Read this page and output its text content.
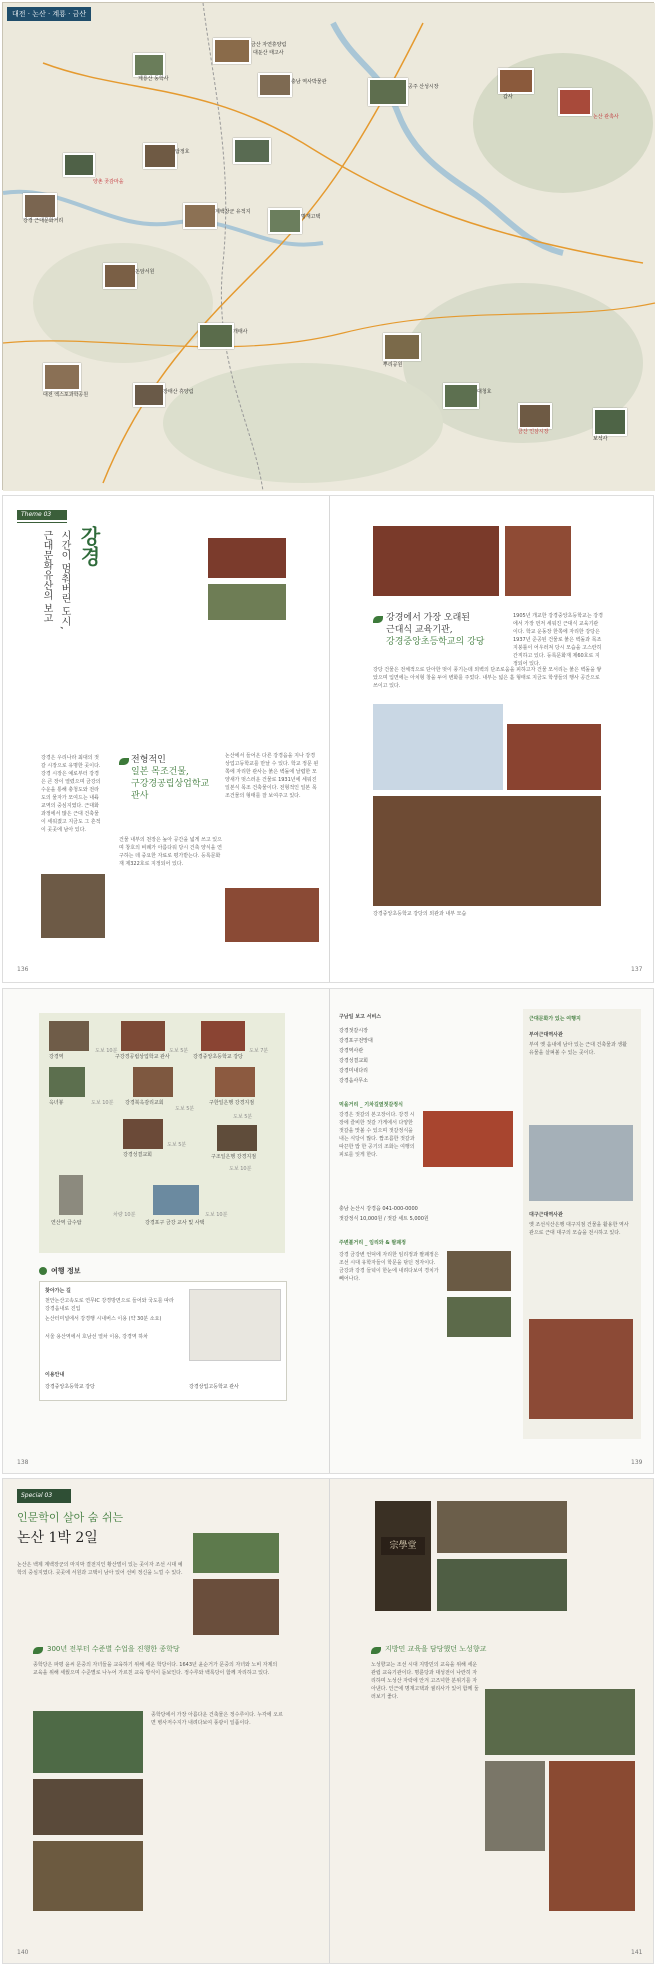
대전 · 논산 · 계룡 · 금산
금산 자연휴양림
대둔산 태고사
계룡산 동학사	충남 역사박물관
공주 산성시장
갑사
논산 관촉사
탑정호
강경 근대문화거리
양촌 곶감마을
계백장군 유적지
명재고택
돈암서원
개태사
대전 엑스포과학공원	장태산 휴양림
뿌리공원
대청호
금산 인삼시장
보석사
Theme 03
강경
시간이 멈춰버린 도시,
근대문화유산의 보고
강경은 우리나라 최대의 젓갈 시장으로 유명한 곳이다. 강경 시장은 예로부터 강경은 큰 장이 열렸으며 금강의 수운을 통해 충청도와 전라도의 물자가 모여드는 내륙 교역의 중심지였다. 근대화 과정에서 많은 근대 건축물이 세워졌고 지금도 그 흔적이 곳곳에 남아 있다.
전형적인
일본 목조건물,
구강경공립상업학교
관사
논산에서 들어온 다른 강경읍을 지나 강경상업고등학교를 만날 수 있다. 학교 정문 왼쪽에 자리한 관사는 붉은 벽돌에 날렵한 모양새가 멋스러운 건물로 1931년에 세워진 일본식 목조 건축물이다. 전형적인 일본 목조건물의 형태를 잘 보여주고 있다.
건물 내부의 천장은 높아 공간을 넓게 쓰고 있으며 창호의 비례가 아름다워 당시 건축 양식을 연구하는 데 중요한 자료로 평가받는다. 등록문화재 제322호로 지정되어 있다.
136
강경에서 가장 오래된
근대식 교육기관,
강경중앙초등학교의 강당
1905년 개교한 강경중앙초등학교는 강경에서 가장 먼저 세워진 근대식 교육기관이다. 학교 운동장 한쪽에 자리한 강당은 1937년 준공된 건물로 붉은 벽돌과 목조 지붕틀이 어우러져 당시 모습을 고스란히 간직하고 있다. 등록문화재 제60호로 지정되어 있다.
강당 건물은 전체적으로 단아한 멋이 풍기는데 외벽의 단조로움을 피하고자 건물 모서리는 붉은 벽돌을 쌓았으며 입면에는 아치형 창을 두어 변화를 주었다. 내부는 넓은 홀 형태로 지금도 학생들의 행사 공간으로 쓰이고 있다.
강경중앙초등학교 강당의 외관과 내부 모습
137
강경역
도보 10분
구강경공립상업학교 관사
도보 5분
강경중앙초등학교 강당
도보 7분
옥녀봉	도보 10분 강경북옥감리교회
도보 5분
구한일은행 강경지점
도보 5분
강경성결교회
도보 5분
구조일은행 강경지점
도보 10분
연산역 급수탑
차량 10분
강경포구 금강 교사 및 사택
도보 10분
여행 정보
찾아가는 길
천안논산고속도로 연무IC 강경방면으로 들어와 국도를 따라 강경읍내로 진입
논산터미널에서 강경행 시내버스 이용 (약 30분 소요)
서울 용산역에서 호남선 열차 이용, 강경역 하차
이용안내
강경중앙초등학교 강당	강경상업고등학교 관사
138
구남일 보고 서비스
강경젓갈시장
강경포구전망대
강경역사관
강경성결교회
강경미내다리
강경읍사무소
먹을거리 _ 기차길옆젓갈정식
강경은 젓갈의 본고장이다. 강경 시장에 즐비한 젓갈 가게에서 다양한 젓갈을 맛볼 수 있으며 젓갈정식을 내는 식당이 많다. 짭조름한 젓갈과 따끈한 밥 한 공기의 조화는 여행의 피로를 잊게 한다.
충남 논산시 강경읍 041-000-0000
젓갈정식 10,000원 / 젓갈 세트 5,000원
주변볼거리 _ 임리와 & 팔괘정
강경 금강변 언덕에 자리한 임리정과 팔괘정은 조선 시대 유학자들이 학문을 닦던 정자이다. 금강과 강경 들녘이 한눈에 내려다보여 경치가 빼어나다.
근대문화가 있는 여행지
부여근대역사관
부여 옛 읍내에 남아 있는 근대 건축물과 생활 유물을 살펴볼 수 있는 곳이다.
대구근대역사관
옛 조선식산은행 대구지점 건물을 활용한 역사관으로 근대 대구의 모습을 전시하고 있다.
139
Special 03
인문학이 살아 숨 쉬는
논산 1박 2일
논산은 백제 계백장군의 마지막 결전지인 황산벌이 있는 곳이자 조선 시대 예학의 중심지였다. 곳곳에 서원과 고택이 남아 있어 선비 정신을 느낄 수 있다.
300년 전부터 수준별 수업을 진행한 종학당
종학당은 파평 윤씨 문중의 자녀들을 교육하기 위해 세운 학당이다. 1643년 윤순거가 문중의 자녀와 노비 자제의 교육을 위해 세웠으며 수준별로 나누어 가르친 교육 방식이 돋보인다. 정수루와 백록당이 함께 자리하고 있다.
종학당에서 가장 아름다운 건축물은 정수루이다. 누각에 오르면 병사저수지가 내려다보여 풍광이 일품이다.
140
宗學堂
지방민 교육을 담당했던 노성향교
노성향교는 조선 시대 지방민의 교육을 위해 세운 관립 교육기관이다. 명륜당과 대성전이 나란히 자리하며 노성산 자락에 안겨 고즈넉한 분위기를 자아낸다. 인근에 명재고택과 궐리사가 있어 함께 둘러보기 좋다.
141
